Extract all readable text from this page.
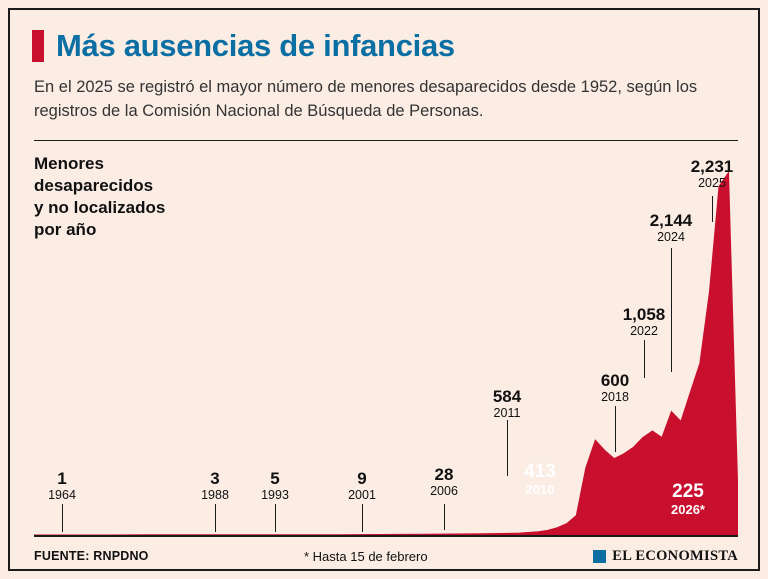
Más ausencias de infancias
En el 2025 se registró el mayor número de menores desaparecidos desde 1952, según los registros de la Comisión Nacional de Búsqueda de Personas.
Menores
desaparecidos
y no localizados
por año
1
1964
3
1988
5
1993
9
2001
28
2006
413
2010
584
2011
600
2018
1,058
2022
2,144
2024
2,231
2025
225
2026*
FUENTE: RNPDNO	* Hasta 15 de febrero	EL ECONOMISTA
